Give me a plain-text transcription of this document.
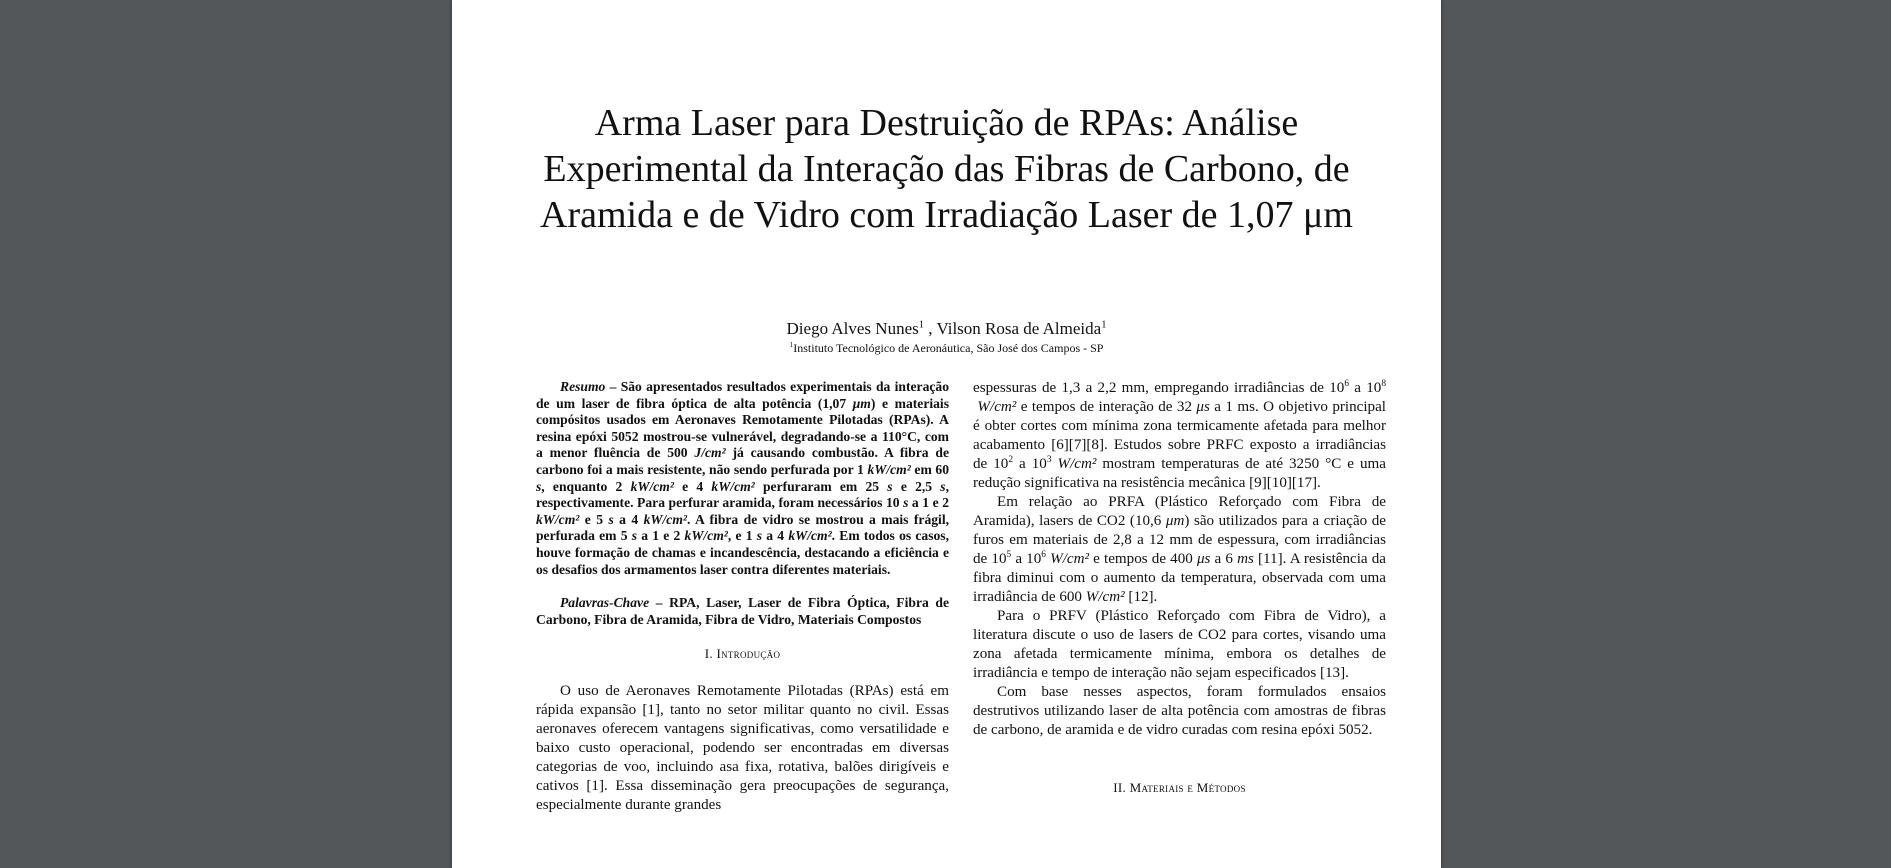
Arma Laser para Destruição de RPAs: Análise Experimental da Interação das Fibras de Carbono, de Aramida e de Vidro com Irradiação Laser de 1,07 μm
Diego Alves Nunes$^1$ , Vilson Rosa de Almeida$^1$
$^1$Instituto Tecnológico de Aeronáutica, São José dos Campos - SP

Resumo – São apresentados resultados experimentais da interação de um laser de fibra óptica de alta potência (1,07 μm) e materiais compósitos usados em Aeronaves Remotamente Pilotadas (RPAs). A resina epóxi 5052 mostrou-se vulnerável, degradando-se a 110°C, com a menor fluência de 500 J/cm² já causando combustão. A fibra de carbono foi a mais resistente, não sendo perfurada por 1 kW/cm² em 60 s, enquanto 2 kW/cm² e 4 kW/cm² perfuraram em 25 s e 2,5 s, respectivamente. Para perfurar aramida, foram necessários 10 s a 1 e 2 kW/cm² e 5 s a 4 kW/cm². A fibra de vidro se mostrou a mais frágil, perfurada em 5 s a 1 e 2 kW/cm², e 1 s a 4 kW/cm². Em todos os casos, houve formação de chamas e incandescência, destacando a eficiência e os desafios dos armamentos laser contra diferentes materiais.

Palavras-Chave – RPA, Laser, Laser de Fibra Óptica, Fibra de Carbono, Fibra de Aramida, Fibra de Vidro, Materiais Compostos

I. Introdução

O uso de Aeronaves Remotamente Pilotadas (RPAs) está em rápida expansão [1], tanto no setor militar quanto no civil. Essas aeronaves oferecem vantagens significativas, como versatilidade e baixo custo operacional, podendo ser encontradas em diversas categorias de voo, incluindo asa fixa, rotativa, balões dirigíveis e cativos [1]. Essa disseminação gera preocupações de segurança, especialmente durante grandes

espessuras de 1,3 a 2,2 mm, empregando irradiâncias de $10^6$ a $10^8$ W/cm² e tempos de interação de 32 μs a 1 ms. O objetivo principal é obter cortes com mínima zona termicamente afetada para melhor acabamento [6][7][8]. Estudos sobre PRFC exposto a irradiâncias de $10^2$ a $10^3$ W/cm² mostram temperaturas de até 3250 °C e uma redução significativa na resistência mecânica [9][10][17].

Em relação ao PRFA (Plástico Reforçado com Fibra de Aramida), lasers de CO2 (10,6 μm) são utilizados para a criação de furos em materiais de 2,8 a 12 mm de espessura, com irradiâncias de $10^5$ a $10^6$ W/cm² e tempos de 400 μs a 6 ms [11]. A resistência da fibra diminui com o aumento da temperatura, observada com uma irradiância de 600 W/cm² [12].

Para o PRFV (Plástico Reforçado com Fibra de Vidro), a literatura discute o uso de lasers de CO2 para cortes, visando uma zona afetada termicamente mínima, embora os detalhes de irradiância e tempo de interação não sejam especificados [13].

Com base nesses aspectos, foram formulados ensaios destrutivos utilizando laser de alta potência com amostras de fibras de carbono, de aramida e de vidro curadas com resina epóxi 5052.

II. Materiais e Métodos
